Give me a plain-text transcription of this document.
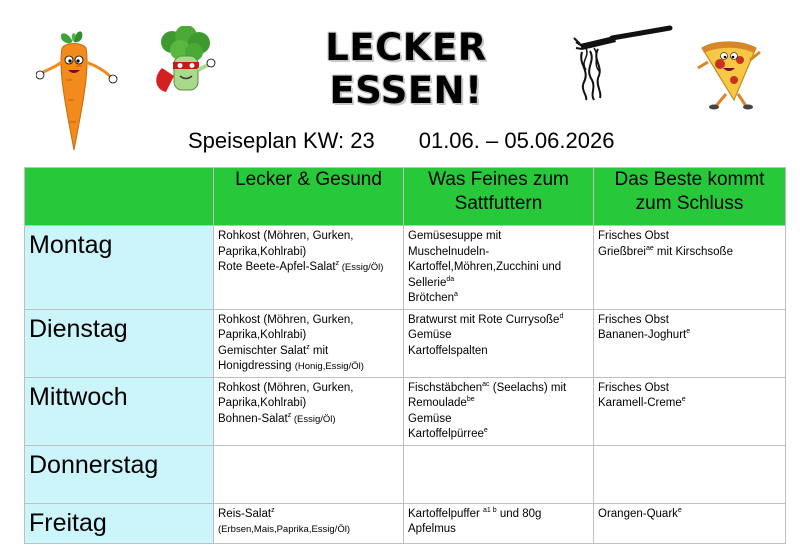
LECKER ESSEN!
Speiseplan KW: 23 01.06. – 05.06.2026
	Lecker & Gesund	Was Feines zum Sattfuttern	Das Beste kommt zum Schluss
Montag	Rohkost (Möhren, Gurken,
Paprika,Kohlrabi)
Rote Beete-Apfel-Salat$^z$ (Essig/Öl)	Gemüsesuppe mit
Muschelnudeln-
Kartoffel,Möhren,Zucchini und
Sellerie$^{da}$
Brötchen$^a$	Frisches Obst
Grießbrei$^{ae}$ mit Kirschsoße

Dienstag	Rohkost (Möhren, Gurken,
Paprika,Kohlrabi)
Gemischter Salat$^z$ mit
Honigdressing (Honig,Essig/Öl)	Bratwurst mit Rote Currysoße$^d$
Gemüse
Kartoffelspalten	Frisches Obst
Bananen-Joghurt$^e$

Mittwoch	Rohkost (Möhren, Gurken,
Paprika,Kohlrabi)
Bohnen-Salat$^z$ (Essig/Öl)	Fischstäbchen$^{ac}$ (Seelachs) mit
Remoulade$^{be}$
Gemüse
Kartoffelpürree$^e$	Frisches Obst
Karamell-Creme$^e$

Donnerstag			
Freitag	Reis-Salat$^z$
(Erbsen,Mais,Paprika,Essig/Öl)	Kartoffelpuffer $^{a1 b}$ und 80g
Apfelmus	Orangen-Quark$^e$
